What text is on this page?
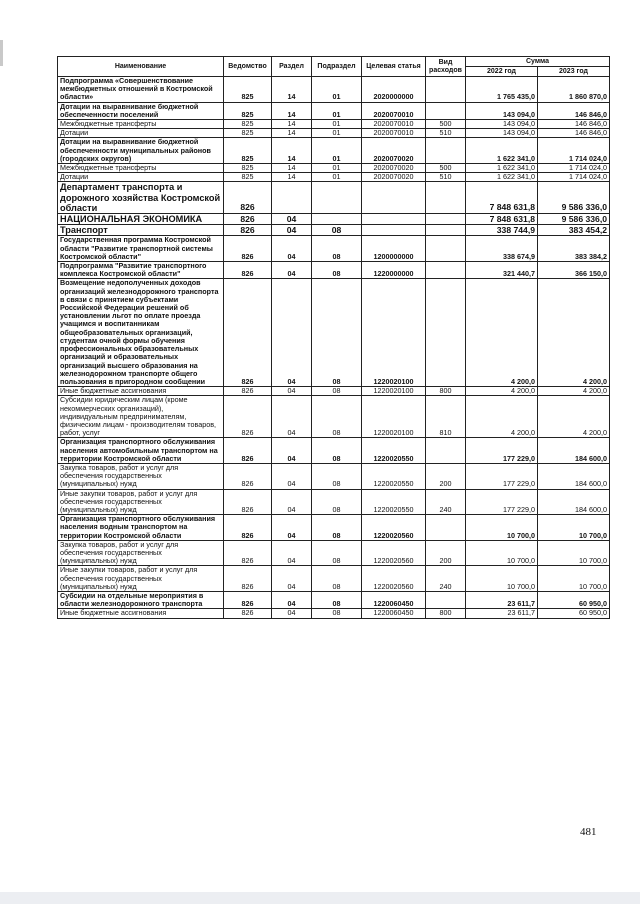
Наименование	Ведомство	Раздел	Подраздел	Целевая статья	Вид расходов	Сумма	
						2022 год	2023 год
Подпрограмма «Совершенствование межбюджетных отношений в Костромской области»	825	14	01	2020000000		1 765 435,0	1 860 870,0
Дотации на выравнивание бюджетной обеспеченности поселений	825	14	01	2020070010		143 094,0	146 846,0
Межбюджетные трансферты	825	14	01	2020070010	500	143 094,0	146 846,0
Дотации	825	14	01	2020070010	510	143 094,0	146 846,0
Дотации на выравнивание бюджетной обеспеченности муниципальных районов (городских округов)	825	14	01	2020070020		1 622 341,0	1 714 024,0
Межбюджетные трансферты	825	14	01	2020070020	500	1 622 341,0	1 714 024,0
Дотации	825	14	01	2020070020	510	1 622 341,0	1 714 024,0
Департамент транспорта и дорожного хозяйства Костромской области	826					7 848 631,8	9 586 336,0
НАЦИОНАЛЬНАЯ ЭКОНОМИКА	826	04				7 848 631,8	9 586 336,0
Транспорт	826	04	08			338 744,9	383 454,2
Государственная программа Костромской области "Развитие транспортной системы Костромской области"	826	04	08	1200000000		338 674,9	383 384,2
Подпрограмма "Развитие транспортного комплекса Костромской области"	826	04	08	1220000000		321 440,7	366 150,0
Возмещение недополученных доходов организаций железнодорожного транспорта в связи с принятием субъектами Российской Федерации решений об установлении льгот по оплате проезда учащимся и воспитанникам общеобразовательных организаций, студентам очной формы обучения профессиональных образовательных организаций и образовательных организаций высшего образования на железнодорожном транспорте общего пользования в пригородном сообщении	826	04	08	1220020100		4 200,0	4 200,0
Иные бюджетные ассигнования	826	04	08	1220020100	800	4 200,0	4 200,0
Субсидии юридическим лицам (кроме некоммерческих организаций), индивидуальным предпринимателям, физическим лицам - производителям товаров, работ, услуг	826	04	08	1220020100	810	4 200,0	4 200,0
Организация транспортного обслуживания населения автомобильным транспортом на территории Костромской области	826	04	08	1220020550		177 229,0	184 600,0
Закупка товаров, работ и услуг для обеспечения государственных (муниципальных) нужд	826	04	08	1220020550	200	177 229,0	184 600,0
Иные закупки товаров, работ и услуг для обеспечения государственных (муниципальных) нужд	826	04	08	1220020550	240	177 229,0	184 600,0
Организация транспортного обслуживания населения водным транспортом на территории Костромской области	826	04	08	1220020560		10 700,0	10 700,0
Закупка товаров, работ и услуг для обеспечения государственных (муниципальных) нужд	826	04	08	1220020560	200	10 700,0	10 700,0
Иные закупки товаров, работ и услуг для обеспечения государственных (муниципальных) нужд	826	04	08	1220020560	240	10 700,0	10 700,0
Субсидии на отдельные мероприятия в области железнодорожного транспорта	826	04	08	1220060450		23 611,7	60 950,0
Иные бюджетные ассигнования	826	04	08	1220060450	800	23 611,7	60 950,0
481
